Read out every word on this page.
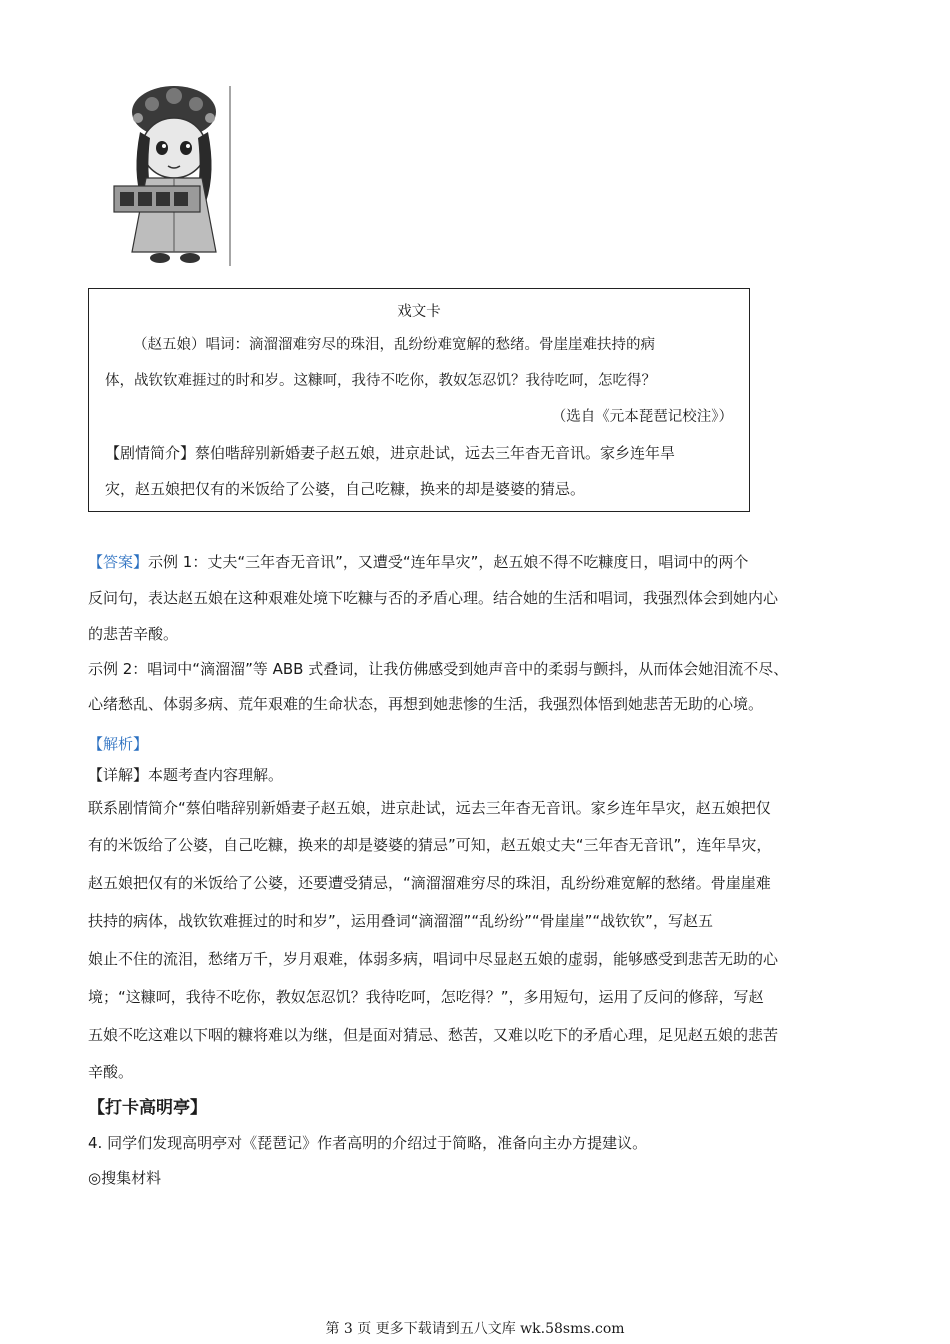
戏文卡
（赵五娘）唱词：滴溜溜难穷尽的珠泪，乱纷纷难宽解的愁绪。骨崖崖难扶持的病
体，战钦钦难捱过的时和岁。这糠呵，我待不吃你，教奴怎忍饥？我待吃呵，怎吃得？
（选自《元本琵琶记校注》）
【剧情简介】蔡伯喈辞别新婚妻子赵五娘，进京赴试，远去三年杳无音讯。家乡连年旱
灾，赵五娘把仅有的米饭给了公婆，自己吃糠，换来的却是婆婆的猜忌。
【答案】示例 1：丈夫“三年杳无音讯”，又遭受“连年旱灾”，赵五娘不得不吃糠度日，唱词中的两个
反问句，表达赵五娘在这种艰难处境下吃糠与否的矛盾心理。结合她的生活和唱词，我强烈体会到她内心
的悲苦辛酸。
示例 2：唱词中“滴溜溜”等 ABB 式叠词，让我仿佛感受到她声音中的柔弱与颤抖，从而体会她泪流不尽、
心绪愁乱、体弱多病、荒年艰难的生命状态，再想到她悲惨的生活，我强烈体悟到她悲苦无助的心境。
【解析】
【详解】本题考查内容理解。
联系剧情简介“蔡伯喈辞别新婚妻子赵五娘，进京赴试，远去三年杳无音讯。家乡连年旱灾，赵五娘把仅
有的米饭给了公婆，自己吃糠，换来的却是婆婆的猜忌”可知，赵五娘丈夫“三年杳无音讯”，连年旱灾，
赵五娘把仅有的米饭给了公婆，还要遭受猜忌，“滴溜溜难穷尽的珠泪，乱纷纷难宽解的愁绪。骨崖崖难
扶持的病体，战钦钦难捱过的时和岁”，运用叠词“滴溜溜”“乱纷纷”“骨崖崖”“战钦钦”，写赵五
娘止不住的流泪，愁绪万千，岁月艰难，体弱多病，唱词中尽显赵五娘的虚弱，能够感受到悲苦无助的心
境；“这糠呵，我待不吃你，教奴怎忍饥？我待吃呵，怎吃得？”，多用短句，运用了反问的修辞，写赵
五娘不吃这难以下咽的糠将难以为继，但是面对猜忌、愁苦，又难以吃下的矛盾心理，足见赵五娘的悲苦
辛酸。
【打卡高明亭】
4. 同学们发现高明亭对《琵琶记》作者高明的介绍过于简略，准备向主办方提建议。
◎搜集材料
第 3 页 更多下载请到五八文库 wk.58sms.com
